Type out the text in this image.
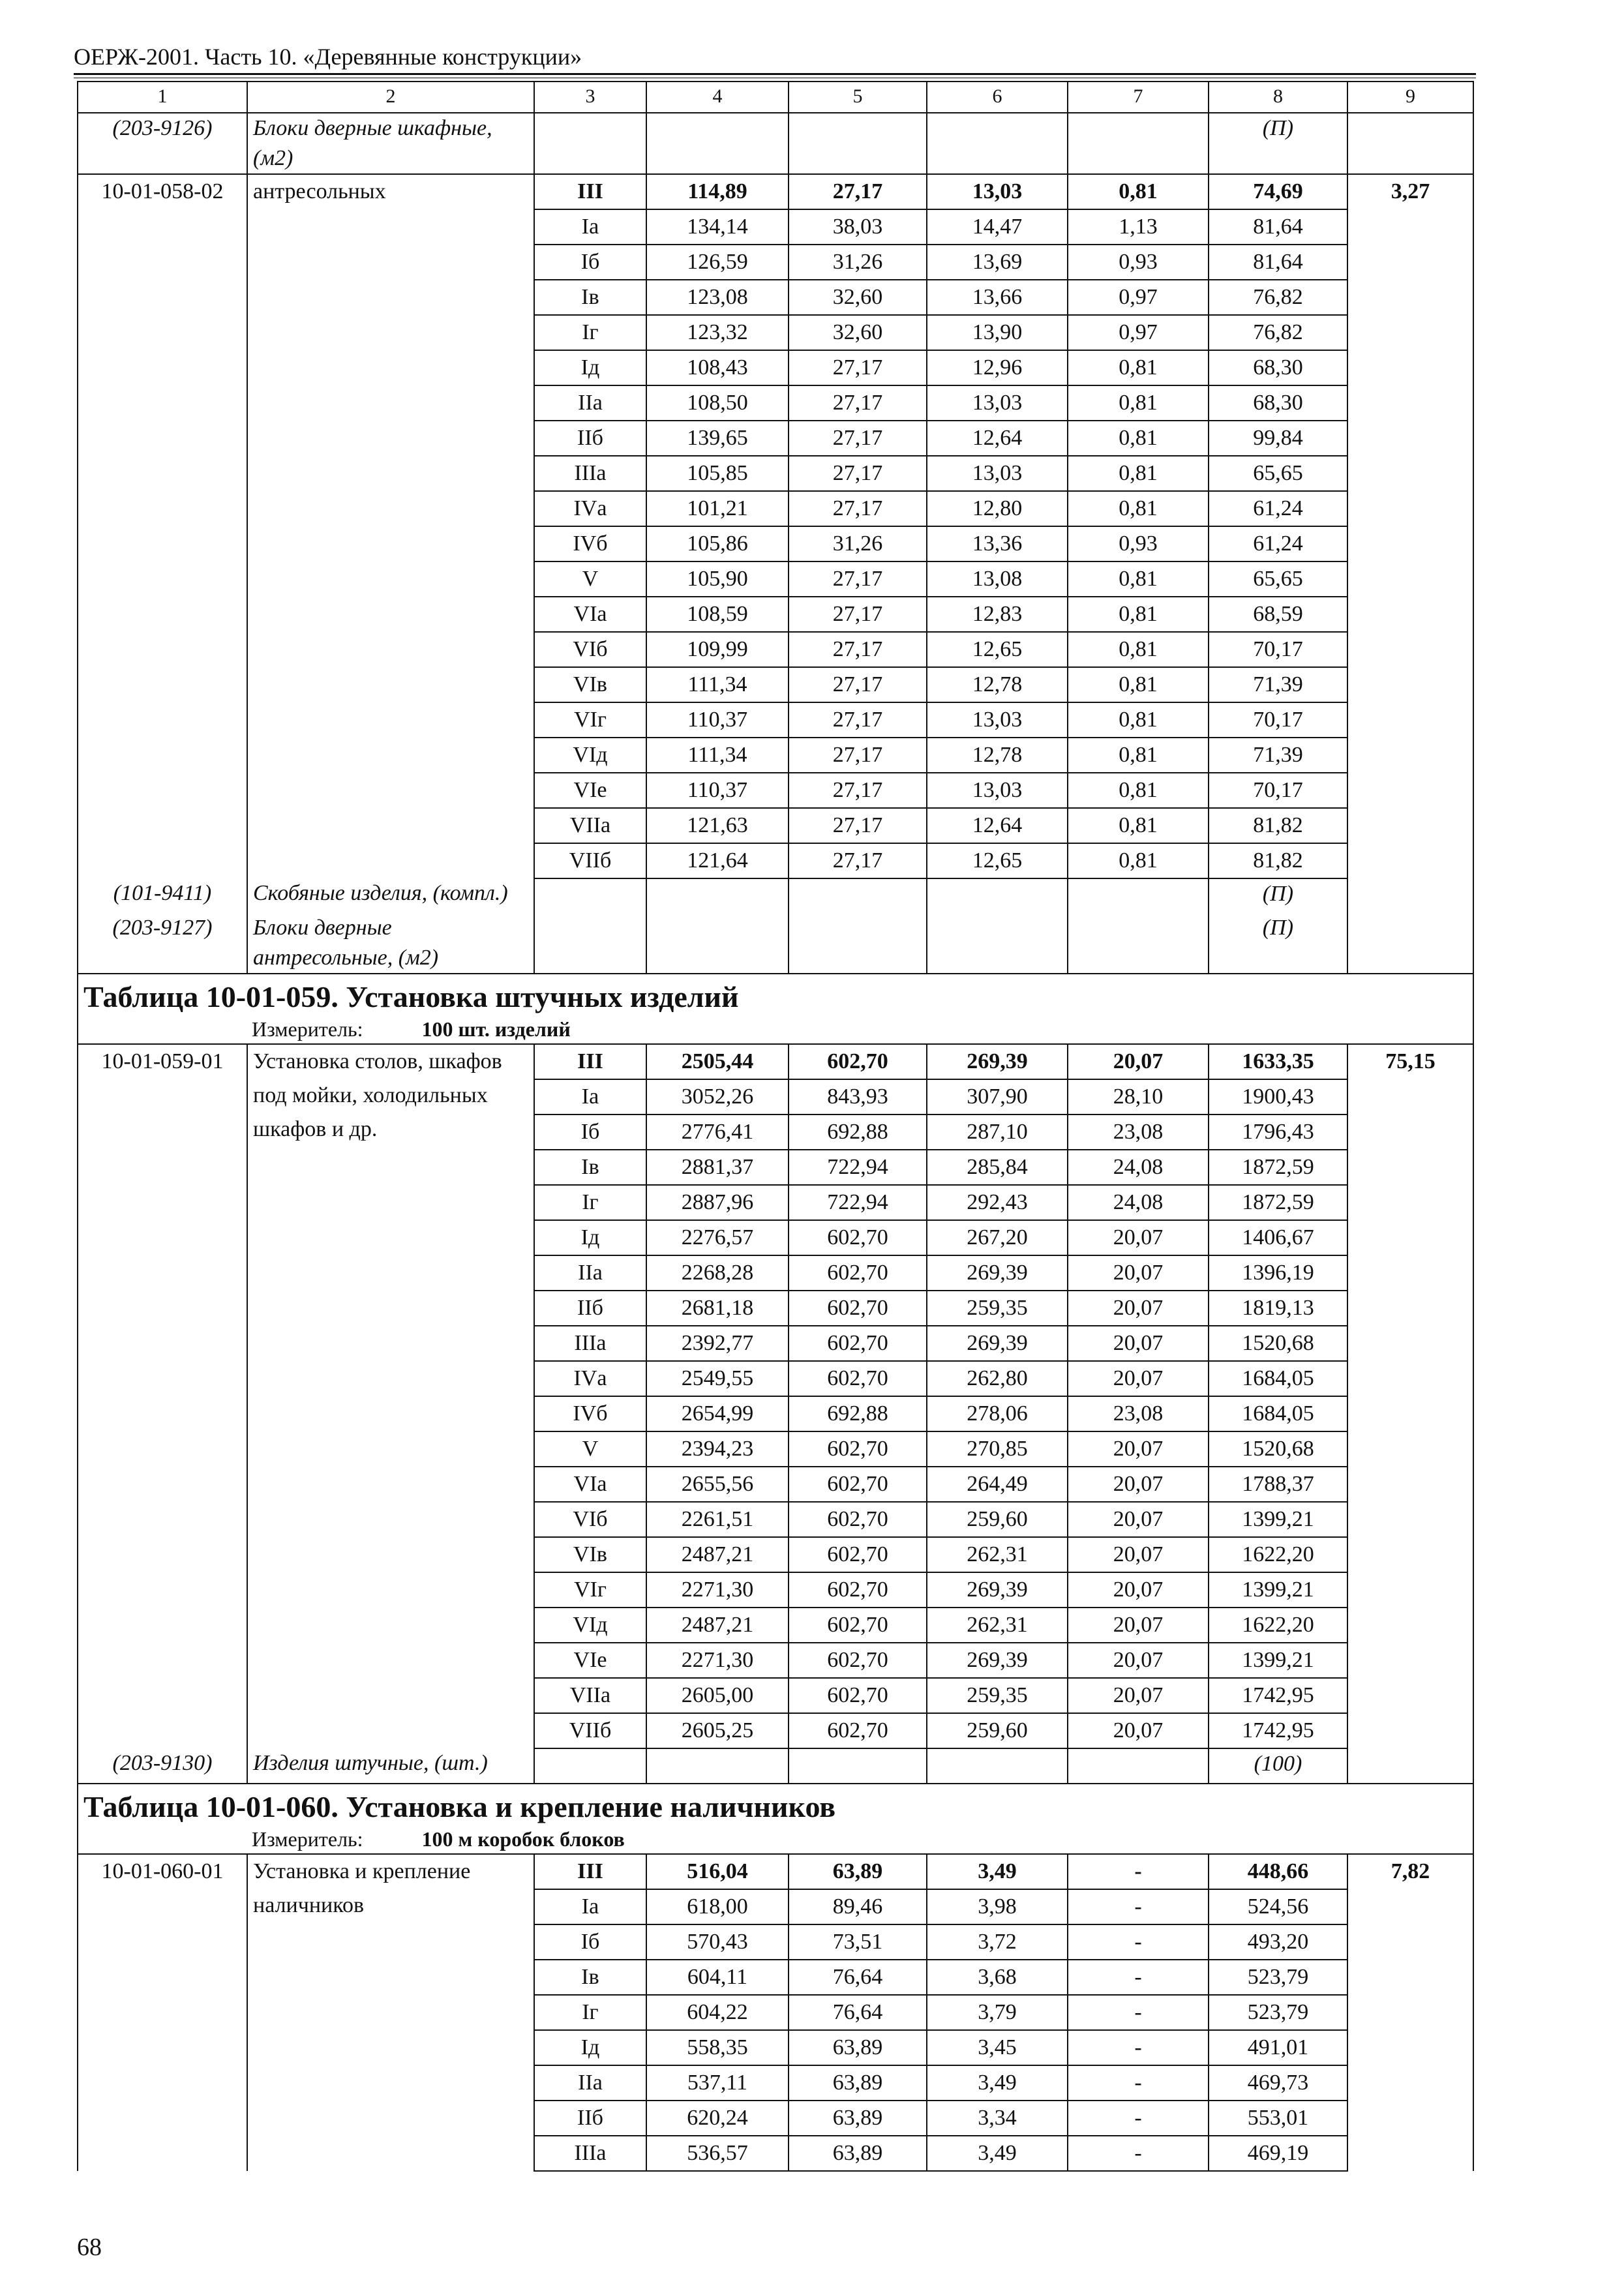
ОЕРЖ-2001. Часть 10. «Деревянные конструкции»
1	2	3	4	5	6	7	8	9
(203-9126)	Блоки дверные шкафные, (м2)						(П)	
10-01-058-02	антресольных	III	114,89	27,17	13,03	0,81	74,69	3,27
		Iа	134,14	38,03	14,47	1,13	81,64	
		Iб	126,59	31,26	13,69	0,93	81,64	
		Iв	123,08	32,60	13,66	0,97	76,82	
		Iг	123,32	32,60	13,90	0,97	76,82	
		Iд	108,43	27,17	12,96	0,81	68,30	
		IIа	108,50	27,17	13,03	0,81	68,30	
		IIб	139,65	27,17	12,64	0,81	99,84	
		IIIа	105,85	27,17	13,03	0,81	65,65	
		IVа	101,21	27,17	12,80	0,81	61,24	
		IVб	105,86	31,26	13,36	0,93	61,24	
		V	105,90	27,17	13,08	0,81	65,65	
		VIа	108,59	27,17	12,83	0,81	68,59	
		VIб	109,99	27,17	12,65	0,81	70,17	
		VIв	111,34	27,17	12,78	0,81	71,39	
		VIг	110,37	27,17	13,03	0,81	70,17	
		VIд	111,34	27,17	12,78	0,81	71,39	
		VIе	110,37	27,17	13,03	0,81	70,17	
		VIIа	121,63	27,17	12,64	0,81	81,82	
		VIIб	121,64	27,17	12,65	0,81	81,82	
(101-9411)	Скобяные изделия, (компл.)						(П)	
(203-9127)	Блоки дверные антресольные, (м2)						(П)	

Таблица 10-01-059. Установка штучных изделий
Измеритель: 100 шт. изделий								

10-01-059-01	Установка столов, шкафов под мойки, холодильных шкафов и др.	III	2505,44	602,70	269,39	20,07	1633,35	75,15
		Iа	3052,26	843,93	307,90	28,10	1900,43	
		Iб	2776,41	692,88	287,10	23,08	1796,43	
		Iв	2881,37	722,94	285,84	24,08	1872,59	
		Iг	2887,96	722,94	292,43	24,08	1872,59	
		Iд	2276,57	602,70	267,20	20,07	1406,67	
		IIа	2268,28	602,70	269,39	20,07	1396,19	
		IIб	2681,18	602,70	259,35	20,07	1819,13	
		IIIа	2392,77	602,70	269,39	20,07	1520,68	
		IVа	2549,55	602,70	262,80	20,07	1684,05	
		IVб	2654,99	692,88	278,06	23,08	1684,05	
		V	2394,23	602,70	270,85	20,07	1520,68	
		VIа	2655,56	602,70	264,49	20,07	1788,37	
		VIб	2261,51	602,70	259,60	20,07	1399,21	
		VIв	2487,21	602,70	262,31	20,07	1622,20	
		VIг	2271,30	602,70	269,39	20,07	1399,21	
		VIд	2487,21	602,70	262,31	20,07	1622,20	
		VIе	2271,30	602,70	269,39	20,07	1399,21	
		VIIа	2605,00	602,70	259,35	20,07	1742,95	
		VIIб	2605,25	602,70	259,60	20,07	1742,95	
(203-9130)	Изделия штучные, (шт.)						(100)	

Таблица 10-01-060. Установка и крепление наличников
Измеритель: 100 м коробок блоков								

10-01-060-01	Установка и крепление наличников	III	516,04	63,89	3,49	-	448,66	7,82
		Iа	618,00	89,46	3,98	-	524,56	
		Iб	570,43	73,51	3,72	-	493,20	
		Iв	604,11	76,64	3,68	-	523,79	
		Iг	604,22	76,64	3,79	-	523,79	
		Iд	558,35	63,89	3,45	-	491,01	
		IIа	537,11	63,89	3,49	-	469,73	
		IIб	620,24	63,89	3,34	-	553,01	
		IIIа	536,57	63,89	3,49	-	469,19	
68
